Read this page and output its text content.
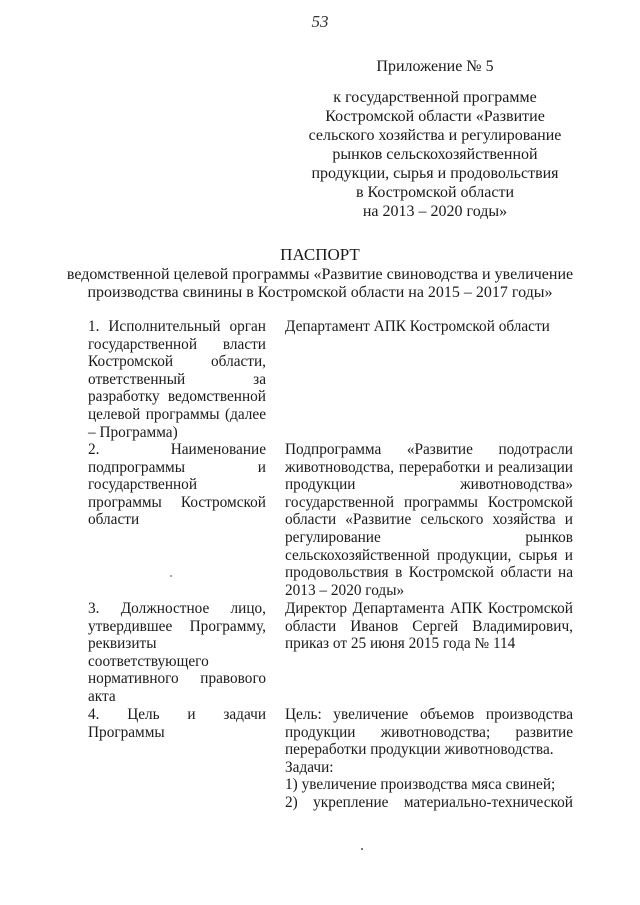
53
Приложение № 5
к государственной программе
Костромской области «Развитие
сельского хозяйства и регулирование
рынков сельскохозяйственной
продукции, сырья и продовольствия
в Костромской области
на 2013 – 2020 годы»
ПАСПОРТ
ведомственной целевой программы «Развитие свиноводства и увеличение
производства свинины в Костромской области на 2015 – 2017 годы»
1. Исполнительный орган
государственной власти
Костромской области,
ответственный за
разработку ведомственной
целевой программы (далее
– Программа)
Департамент АПК Костромской области
2. Наименование
подпрограммы и
государственной
программы Костромской
области
Подпрограмма «Развитие подотрасли
животноводства, переработки и реализации
продукции животноводства»
государственной программы Костромской
области «Развитие сельского хозяйства и
регулирование рынков
сельскохозяйственной продукции, сырья и
продовольствия в Костромской области на
2013 – 2020 годы»
3. Должностное лицо,
утвердившее Программу,
реквизиты
соответствующего
нормативного правового
акта
Директор Департамента АПК Костромской
области Иванов Сергей Владимирович,
приказ от 25 июня 2015 года № 114
4. Цель и задачи
Программы
Цель: увеличение объемов производства
продукции животноводства; развитие
переработки продукции животноводства.
Задачи:
1) увеличение производства мяса свиней;
2) укрепление материально-технической
